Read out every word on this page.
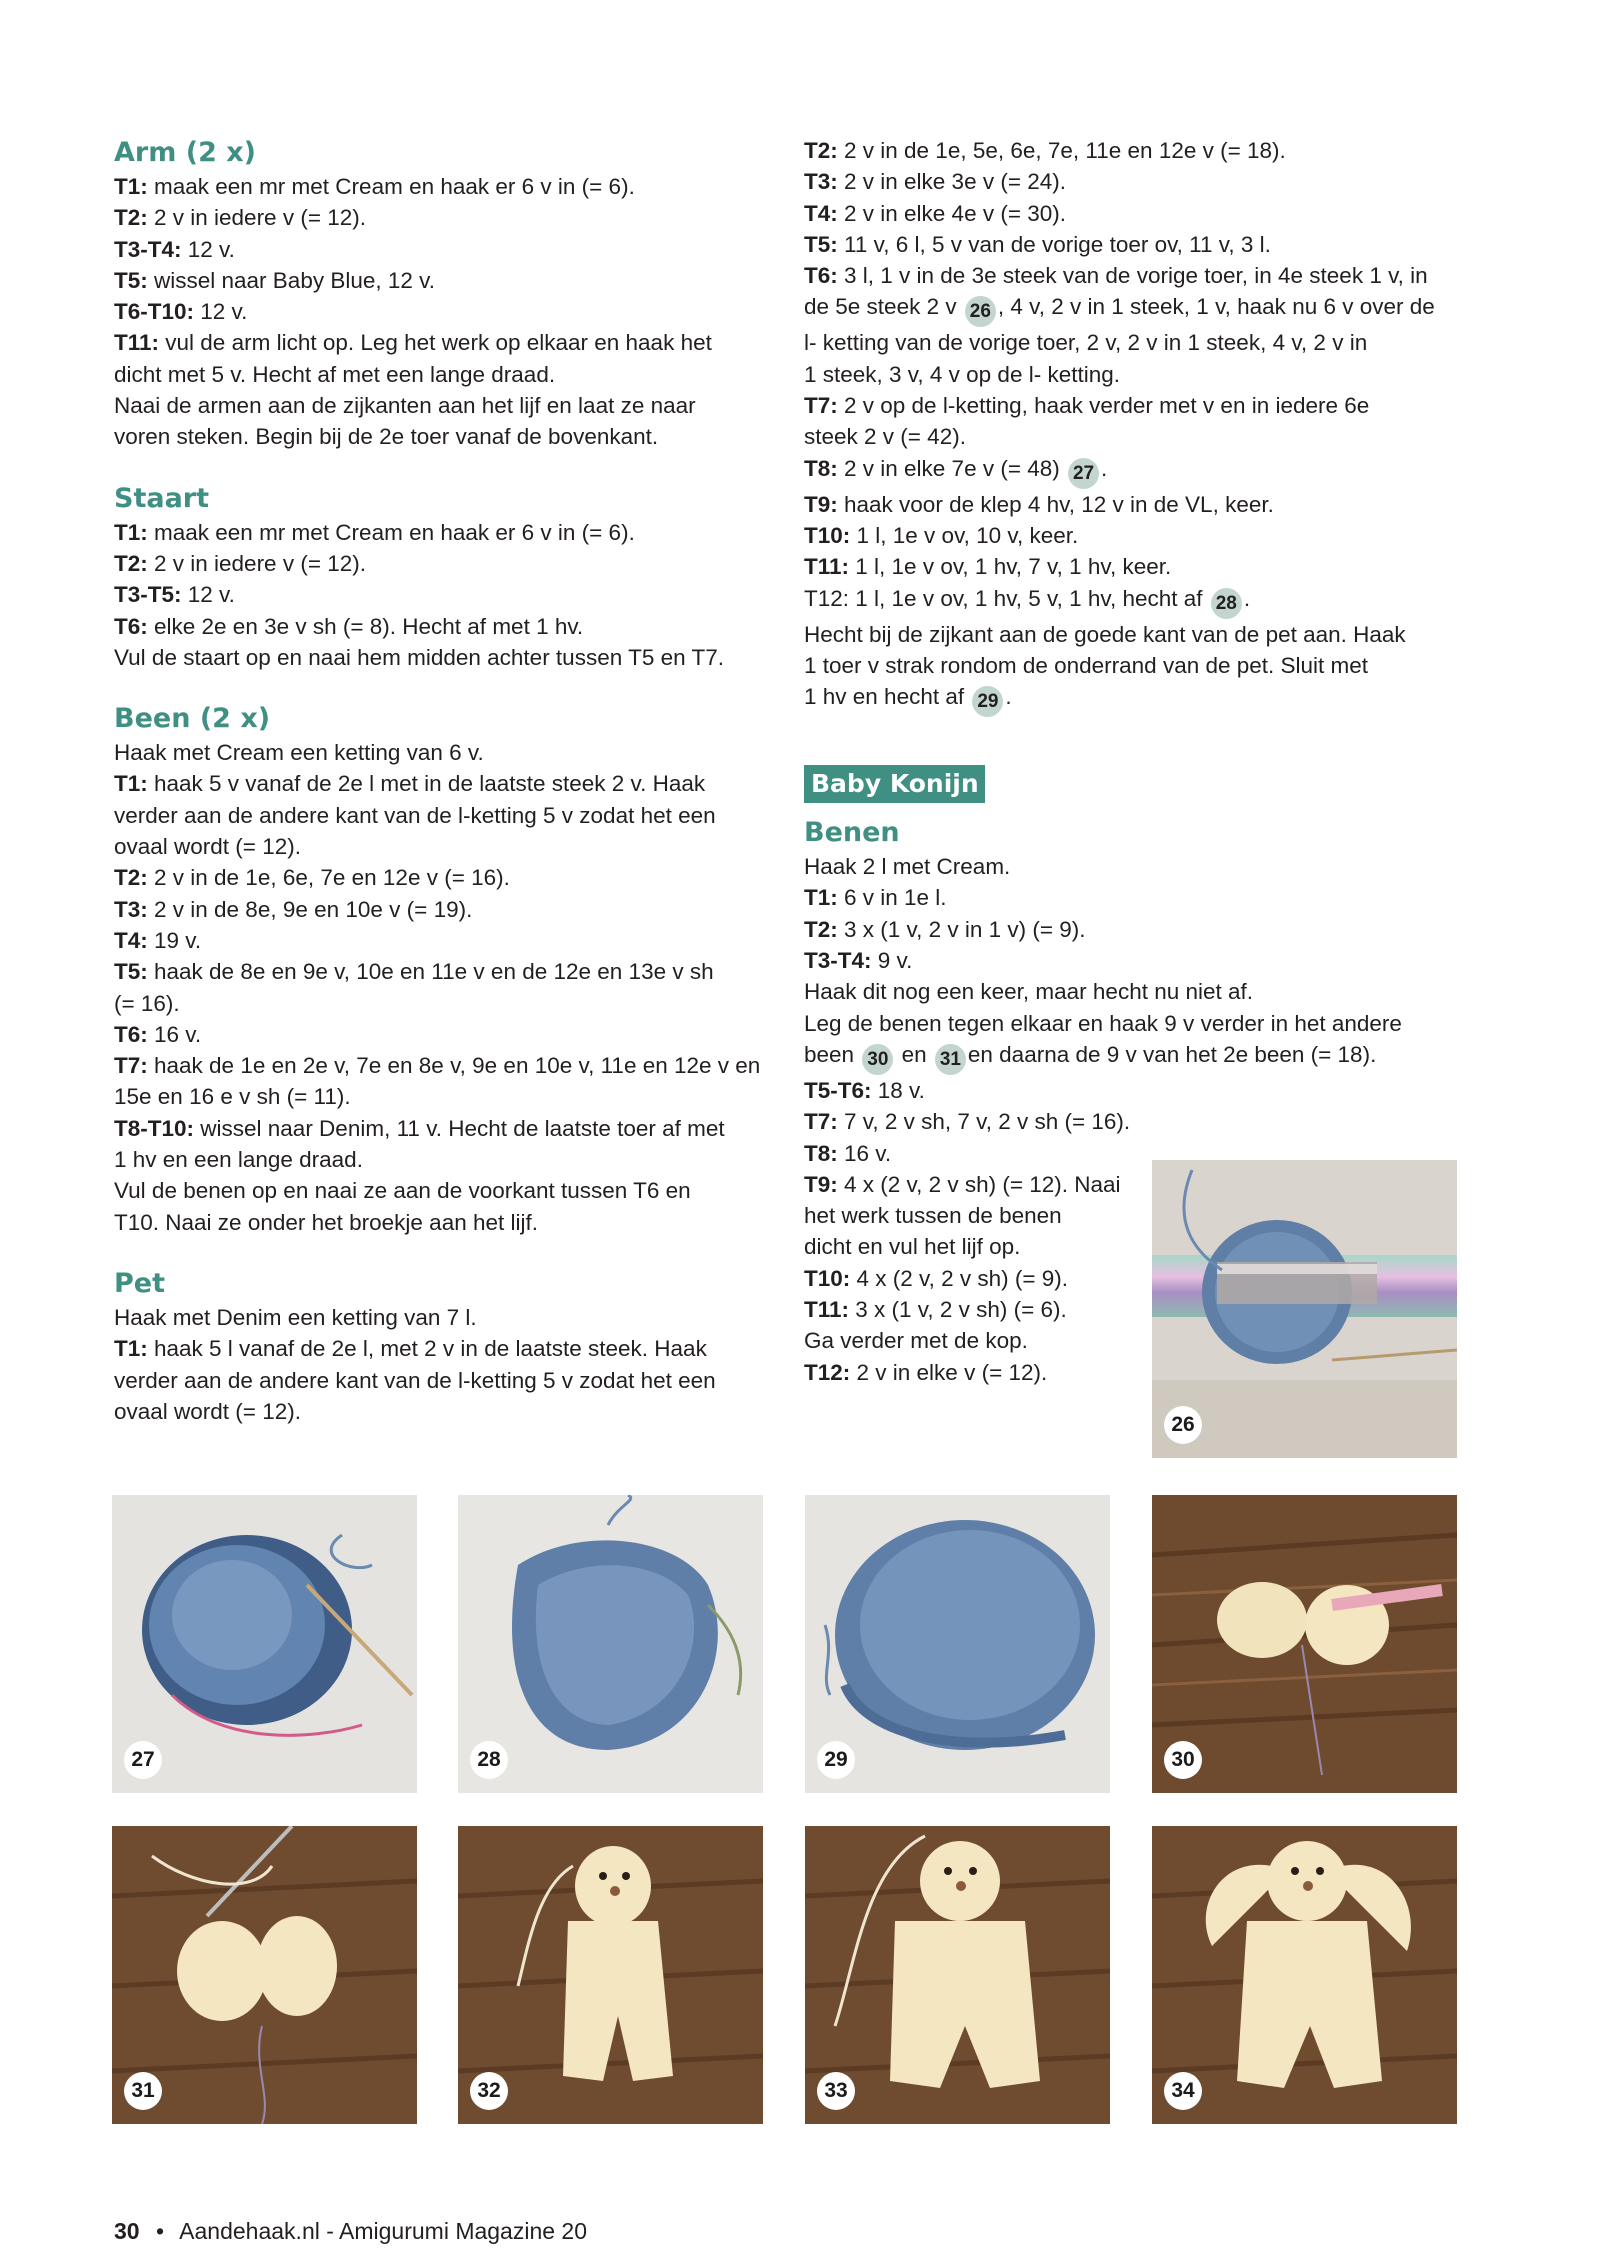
Arm (2 x)

T1: maak een mr met Cream en haak er 6 v in (= 6).

T2: 2 v in iedere v (= 12).

T3-T4: 12 v.

T5: wissel naar Baby Blue, 12 v.

T6-T10: 12 v.

T11: vul de arm licht op. Leg het werk op elkaar en haak het

dicht met 5 v. Hecht af met een lange draad.

Naai de armen aan de zijkanten aan het lijf en laat ze naar

voren steken. Begin bij de 2e toer vanaf de bovenkant.

Staart

T1: maak een mr met Cream en haak er 6 v in (= 6).

T2: 2 v in iedere v (= 12).

T3-T5: 12 v.

T6: elke 2e en 3e v sh (= 8). Hecht af met 1 hv.

Vul de staart op en naai hem midden achter tussen T5 en T7.

Been (2 x)

Haak met Cream een ketting van 6 v.

T1: haak 5 v vanaf de 2e l met in de laatste steek 2 v. Haak

verder aan de andere kant van de l-ketting 5 v zodat het een

ovaal wordt (= 12).

T2: 2 v in de 1e, 6e, 7e en 12e v (= 16).

T3: 2 v in de 8e, 9e en 10e v (= 19).

T4: 19 v.

T5: haak de 8e en 9e v, 10e en 11e v en de 12e en 13e v sh

(= 16).

T6: 16 v.

T7: haak de 1e en 2e v, 7e en 8e v, 9e en 10e v, 11e en 12e v en

15e en 16 e v sh (= 11).

T8-T10: wissel naar Denim, 11 v. Hecht de laatste toer af met

1 hv en een lange draad.

Vul de benen op en naai ze aan de voorkant tussen T6 en

T10. Naai ze onder het broekje aan het lijf.

Pet

Haak met Denim een ketting van 7 l.

T1: haak 5 l vanaf de 2e l, met 2 v in de laatste steek. Haak

verder aan de andere kant van de l-ketting 5 v zodat het een

ovaal wordt (= 12).

T2: 2 v in de 1e, 5e, 6e, 7e, 11e en 12e v (= 18).

T3: 2 v in elke 3e v (= 24).

T4: 2 v in elke 4e v (= 30).

T5: 11 v, 6 l, 5 v van de vorige toer ov, 11 v, 3 l.

T6: 3 l, 1 v in de 3e steek van de vorige toer, in 4e steek 1 v, in

de 5e steek 2 v 26 , 4 v, 2 v in 1 steek, 1 v, haak nu 6 v over de

l- ketting van de vorige toer, 2 v, 2 v in 1 steek, 4 v, 2 v in

1 steek, 3 v, 4 v op de l- ketting.

T7: 2 v op de l-ketting, haak verder met v en in iedere 6e

steek 2 v (= 42).

T8: 2 v in elke 7e v (= 48) 27 .

T9: haak voor de klep 4 hv, 12 v in de VL, keer.

T10: 1 l, 1e v ov, 10 v, keer.

T11: 1 l, 1e v ov, 1 hv, 7 v, 1 hv, keer.

T12: 1 l, 1e v ov, 1 hv, 5 v, 1 hv, hecht af 28 .

Hecht bij de zijkant aan de goede kant van de pet aan. Haak

1 toer v strak rondom de onderrand van de pet. Sluit met

1 hv en hecht af 29 .

Baby Konijn
Benen

Haak 2 l met Cream.

T1: 6 v in 1e l.

T2: 3 x (1 v, 2 v in 1 v) (= 9).

T3-T4: 9 v.

Haak dit nog een keer, maar hecht nu niet af.

Leg de benen tegen elkaar en haak 9 v verder in het andere

been 30 en 31 en daarna de 9 v van het 2e been (= 18).

T5-T6: 18 v.

T7: 7 v, 2 v sh, 7 v, 2 v sh (= 16).

T8: 16 v.

T9: 4 x (2 v, 2 v sh) (= 12). Naai

het werk tussen de benen

dicht en vul het lijf op.

T10: 4 x (2 v, 2 v sh) (= 9).

T11: 3 x (1 v, 2 v sh) (= 6).

Ga verder met de kop.

T12: 2 v in elke v (= 12).

26
27	28	29	30
31	32	33	34
30 • Aandehaak.nl - Amigurumi Magazine 20
